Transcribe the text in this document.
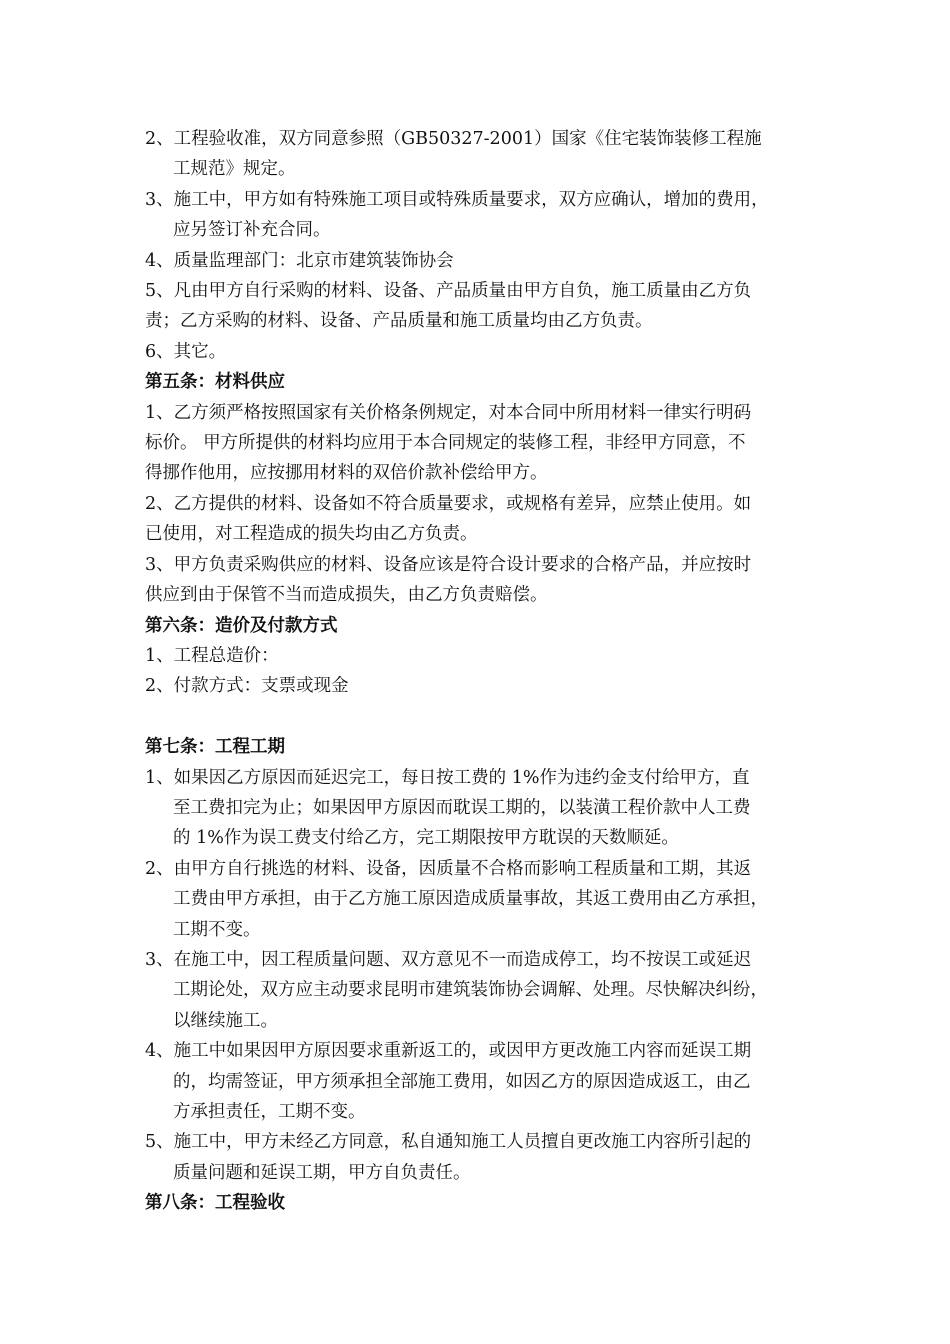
2、工程验收准，双方同意参照（GB50327-2001）国家《住宅装饰装修工程施

工规范》规定。

3、施工中，甲方如有特殊施工项目或特殊质量要求，双方应确认，增加的费用，

应另签订补充合同。

4、质量监理部门：北京市建筑装饰协会

5、凡由甲方自行采购的材料、设备、产品质量由甲方自负，施工质量由乙方负

责；乙方采购的材料、设备、产品质量和施工质量均由乙方负责。

6、其它。

第五条：材料供应

1、乙方须严格按照国家有关价格条例规定，对本合同中所用材料一律实行明码

标价。 甲方所提供的材料均应用于本合同规定的装修工程，非经甲方同意，不

得挪作他用，应按挪用材料的双倍价款补偿给甲方。

2、乙方提供的材料、设备如不符合质量要求，或规格有差异，应禁止使用。如

已使用，对工程造成的损失均由乙方负责。

3、甲方负责采购供应的材料、设备应该是符合设计要求的合格产品，并应按时

供应到由于保管不当而造成损失，由乙方负责赔偿。

第六条：造价及付款方式

1、工程总造价：

2、付款方式：支票或现金

第七条：工程工期

1、如果因乙方原因而延迟完工，每日按工费的 1%作为违约金支付给甲方，直

至工费扣完为止；如果因甲方原因而耽误工期的，以装潢工程价款中人工费

的 1%作为误工费支付给乙方，完工期限按甲方耽误的天数顺延。

2、由甲方自行挑选的材料、设备，因质量不合格而影响工程质量和工期，其返

工费由甲方承担，由于乙方施工原因造成质量事故，其返工费用由乙方承担，

工期不变。

3、在施工中，因工程质量问题、双方意见不一而造成停工，均不按误工或延迟

工期论处，双方应主动要求昆明市建筑装饰协会调解、处理。尽快解决纠纷，

以继续施工。

4、施工中如果因甲方原因要求重新返工的，或因甲方更改施工内容而延误工期

的，均需签证，甲方须承担全部施工费用，如因乙方的原因造成返工，由乙

方承担责任，工期不变。

5、施工中，甲方未经乙方同意，私自通知施工人员擅自更改施工内容所引起的

质量问题和延误工期，甲方自负责任。

第八条：工程验收
